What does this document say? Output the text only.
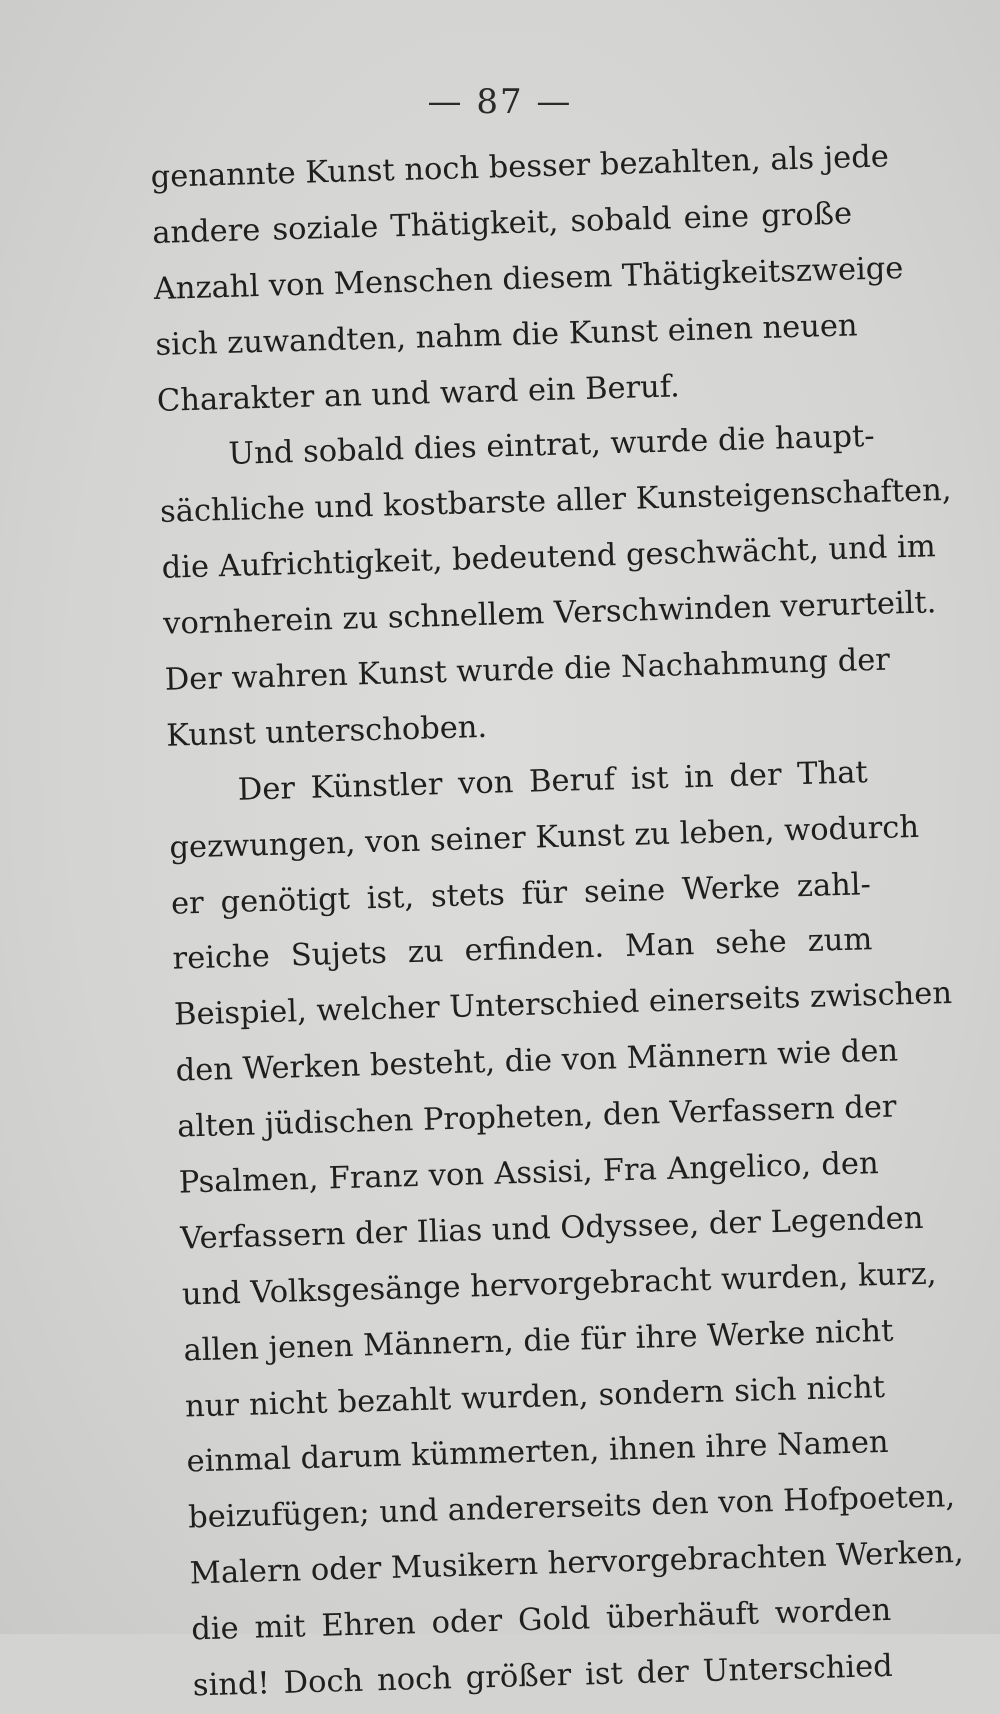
— 87 —
genannte Kunst noch besser bezahlten, als jede
andere soziale Thätigkeit, sobald eine große
Anzahl von Menschen diesem Thätigkeitszweige
sich zuwandten, nahm die Kunst einen neuen
Charakter an und ward ein Beruf.
Und sobald dies eintrat, wurde die haupt-
sächliche und kostbarste aller Kunsteigenschaften,
die Aufrichtigkeit, bedeutend geschwächt, und im
vornherein zu schnellem Verschwinden verurteilt.
Der wahren Kunst wurde die Nachahmung der
Kunst unterschoben.
Der Künstler von Beruf ist in der That
gezwungen, von seiner Kunst zu leben, wodurch
er genötigt ist, stets für seine Werke zahl-
reiche Sujets zu erfinden. Man sehe zum
Beispiel, welcher Unterschied einerseits zwischen
den Werken besteht, die von Männern wie den
alten jüdischen Propheten, den Verfassern der
Psalmen, Franz von Assisi, Fra Angelico, den
Verfassern der Ilias und Odyssee, der Legenden
und Volksgesänge hervorgebracht wurden, kurz,
allen jenen Männern, die für ihre Werke nicht
nur nicht bezahlt wurden, sondern sich nicht
einmal darum kümmerten, ihnen ihre Namen
beizufügen; und andererseits den von Hofpoeten,
Malern oder Musikern hervorgebrachten Werken,
die mit Ehren oder Gold überhäuft worden
sind! Doch noch größer ist der Unterschied
